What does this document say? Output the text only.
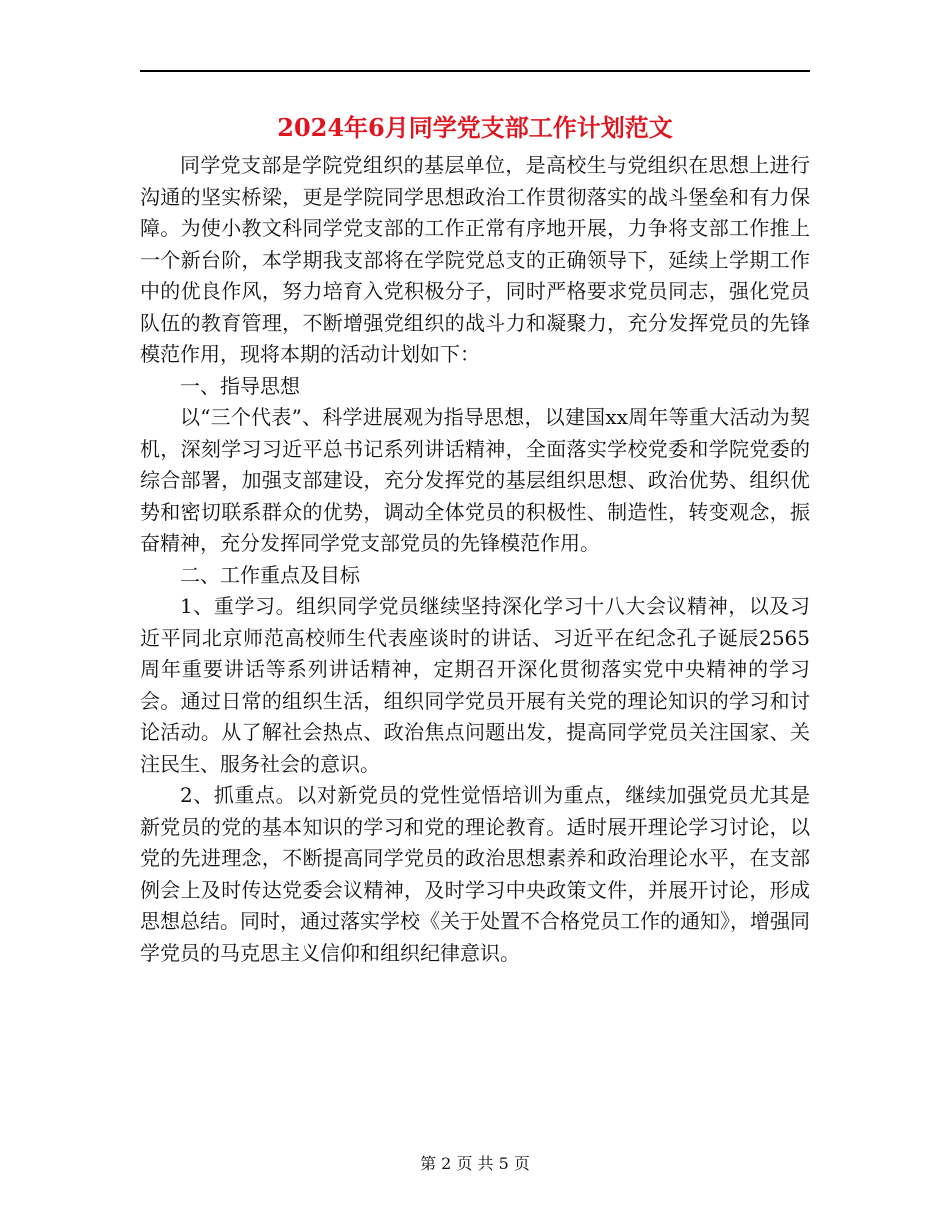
2024年6月同学党支部工作计划范文

同学党支部是学院党组织的基层单位，是高校生与党组织在思想上进行沟通的坚实桥梁，更是学院同学思想政治工作贯彻落实的战斗堡垒和有力保障。为使小教文科同学党支部的工作正常有序地开展，力争将支部工作推上一个新台阶，本学期我支部将在学院党总支的正确领导下，延续上学期工作中的优良作风，努力培育入党积极分子，同时严格要求党员同志，强化党员队伍的教育管理，不断增强党组织的战斗力和凝聚力，充分发挥党员的先锋模范作用，现将本期的活动计划如下：

一、指导思想

以“三个代表”、科学进展观为指导思想，以建国xx周年等重大活动为契机，深刻学习习近平总书记系列讲话精神，全面落实学校党委和学院党委的综合部署，加强支部建设，充分发挥党的基层组织思想、政治优势、组织优势和密切联系群众的优势，调动全体党员的积极性、制造性，转变观念，振奋精神，充分发挥同学党支部党员的先锋模范作用。

二、工作重点及目标

1、重学习。组织同学党员继续坚持深化学习十八大会议精神，以及习近平同北京师范高校师生代表座谈时的讲话、习近平在纪念孔子诞辰2565周年重要讲话等系列讲话精神，定期召开深化贯彻落实党中央精神的学习会。通过日常的组织生活，组织同学党员开展有关党的理论知识的学习和讨论活动。从了解社会热点、政治焦点问题出发，提高同学党员关注国家、关注民生、服务社会的意识。

2、抓重点。以对新党员的党性觉悟培训为重点，继续加强党员尤其是新党员的党的基本知识的学习和党的理论教育。适时展开理论学习讨论，以党的先进理念，不断提高同学党员的政治思想素养和政治理论水平，在支部例会上及时传达党委会议精神，及时学习中央政策文件，并展开讨论，形成思想总结。同时，通过落实学校《关于处置不合格党员工作的通知》，增强同学党员的马克思主义信仰和组织纪律意识。

第 2 页 共 5 页
